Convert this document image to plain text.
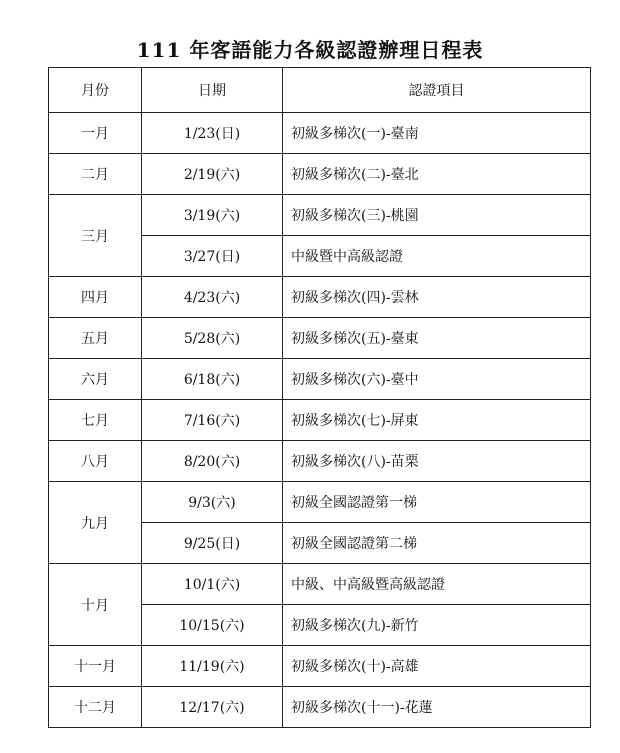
111 年客語能力各級認證辦理日程表
月份	日期	認證項目
一月	1/23(日)	初級多梯次(一)-臺南
二月	2/19(六)	初級多梯次(二)-臺北
三月	3/19(六)	初級多梯次(三)-桃園
	3/27(日)	中級暨中高級認證
四月	4/23(六)	初級多梯次(四)-雲林
五月	5/28(六)	初級多梯次(五)-臺東
六月	6/18(六)	初級多梯次(六)-臺中
七月	7/16(六)	初級多梯次(七)-屏東
八月	8/20(六)	初級多梯次(八)-苗栗
九月	9/3(六)	初級全國認證第一梯
	9/25(日)	初級全國認證第二梯
十月	10/1(六)	中級、中高級暨高級認證
	10/15(六)	初級多梯次(九)-新竹
十一月	11/19(六)	初級多梯次(十)-高雄
十二月	12/17(六)	初級多梯次(十一)-花蓮
